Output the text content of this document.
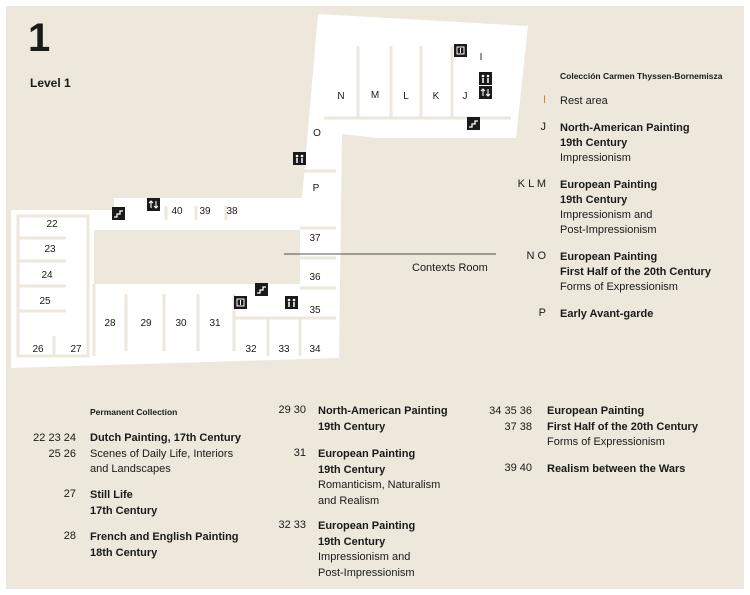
1
Level 1
22
23
24
25
26	27
28 29 30 31
32 33 34
35
36
37
38
39
40
N	M L K J
I
O
P
Contexts Room
Colección Carmen Thyssen-Bornemisza
I Rest area
J North-American Painting
19th Century
Impressionism
K L M European Painting
19th Century
Impressionism and
Post-Impressionism
N O European Painting
First Half of the 20th Century
Forms of Expressionism
P Early Avant-garde
Permanent Collection
22 23 24
25 26
Dutch Painting, 17th Century
Scenes of Daily Life, Interiors
and Landscapes
27 Still Life
17th Century
28 French and English Painting
18th Century
29 30 North-American Painting
19th Century
31 European Painting
19th Century
Romanticism, Naturalism
and Realism
32 33 European Painting
19th Century
Impressionism and
Post-Impressionism
34 35 36
37 38
European Painting
First Half of the 20th Century
Forms of Expressionism
39 40 Realism between the Wars
